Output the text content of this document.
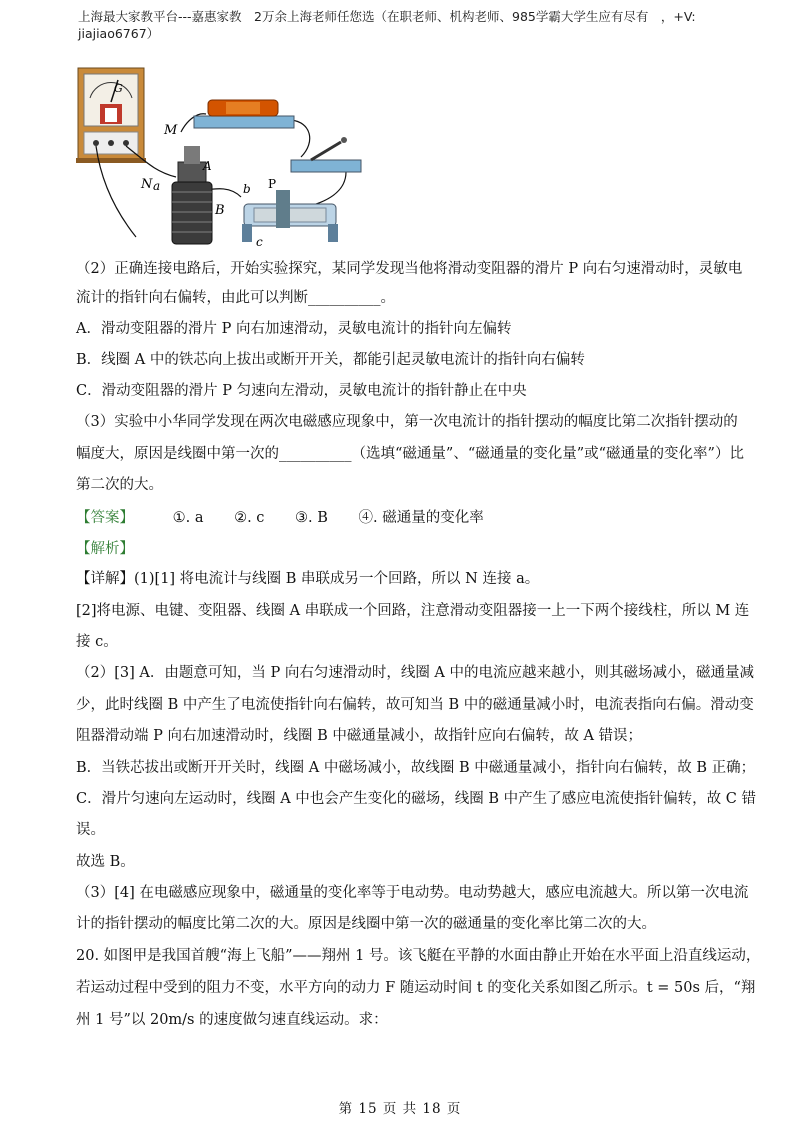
上海最大家教平台---嘉惠家教　2万余上海老师任您选（在职老师、机构老师、985学霸大学生应有尽有　，+V:
jiajiao6767）
G
M
N a
A
B
b P
c
（2）正确连接电路后，开始实验探究，某同学发现当他将滑动变阻器的滑片 P 向右匀速滑动时，灵敏电
流计的指针向右偏转，由此可以判断__________。
A．滑动变阻器的滑片 P 向右加速滑动，灵敏电流计的指针向左偏转
B．线圈 A 中的铁芯向上拔出或断开开关，都能引起灵敏电流计的指针向右偏转
C．滑动变阻器的滑片 P 匀速向左滑动，灵敏电流计的指针静止在中央
（3）实验中小华同学发现在两次电磁感应现象中，第一次电流计的指针摆动的幅度比第二次指针摆动的
幅度大，原因是线圈中第一次的__________（选填“磁通量”、“磁通量的变化量”或“磁通量的变化率”）比
第二次的大。
【答案】	①. a ②. c ③. B ④. 磁通量的变化率
【解析】
【详解】(1)[1] 将电流计与线圈 B 串联成另一个回路，所以 N 连接 a。
[2]将电源、电键、变阻器、线圈 A 串联成一个回路，注意滑动变阻器接一上一下两个接线柱，所以 M 连
接 c。
（2）[3] A．由题意可知，当 P 向右匀速滑动时，线圈 A 中的电流应越来越小，则其磁场减小，磁通量减
少，此时线圈 B 中产生了电流使指针向右偏转，故可知当 B 中的磁通量减小时，电流表指向右偏。滑动变
阻器滑动端 P 向右加速滑动时，线圈 B 中磁通量减小，故指针应向右偏转，故 A 错误；
B．当铁芯拔出或断开开关时，线圈 A 中磁场减小，故线圈 B 中磁通量减小，指针向右偏转，故 B 正确；
C．滑片匀速向左运动时，线圈 A 中也会产生变化的磁场，线圈 B 中产生了感应电流使指针偏转，故 C 错
误。
故选 B。
（3）[4] 在电磁感应现象中，磁通量的变化率等于电动势。电动势越大，感应电流越大。所以第一次电流
计的指针摆动的幅度比第二次的大。原因是线圈中第一次的磁通量的变化率比第二次的大。
20. 如图甲是我国首艘“海上飞船”——翔州 1 号。该飞艇在平静的水面由静止开始在水平面上沿直线运动，
若运动过程中受到的阻力不变，水平方向的动力 F 随运动时间 t 的变化关系如图乙所示。t = 50s 后，“翔
州 1 号”以 20m/s 的速度做匀速直线运动。求：
第 15 页 共 18 页
